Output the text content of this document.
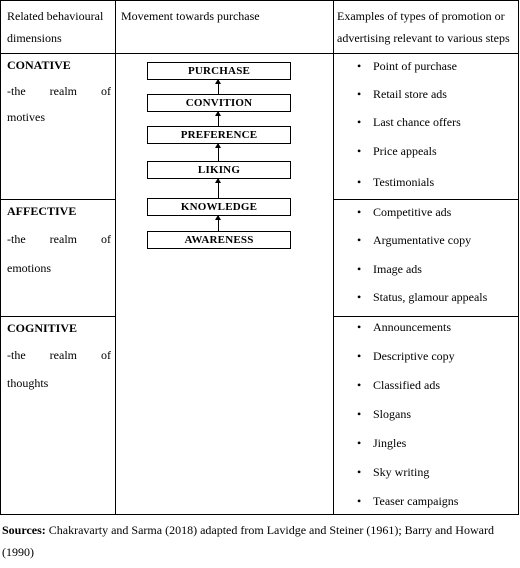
Related behavioural
dimensions
Movement towards purchase	Examples of types of promotion or
advertising relevant to various steps
CONATIVE
-the realm of
motives
AFFECTIVE
-the realm of
emotions
COGNITIVE
-the realm of
thoughts
PURCHASE
CONVITION
PREFERENCE
LIKING
KNOWLEDGE
AWARENESS
Point of purchase
Retail store ads
Last chance offers
Price appeals
Testimonials
Competitive ads
Argumentative copy
Image ads
Status, glamour appeals
Announcements
Descriptive copy
Classified ads
Slogans
Jingles
Sky writing
Teaser campaigns
Sources: Chakravarty and Sarma (2018) adapted from Lavidge and Steiner (1961); Barry and Howard (1990)
